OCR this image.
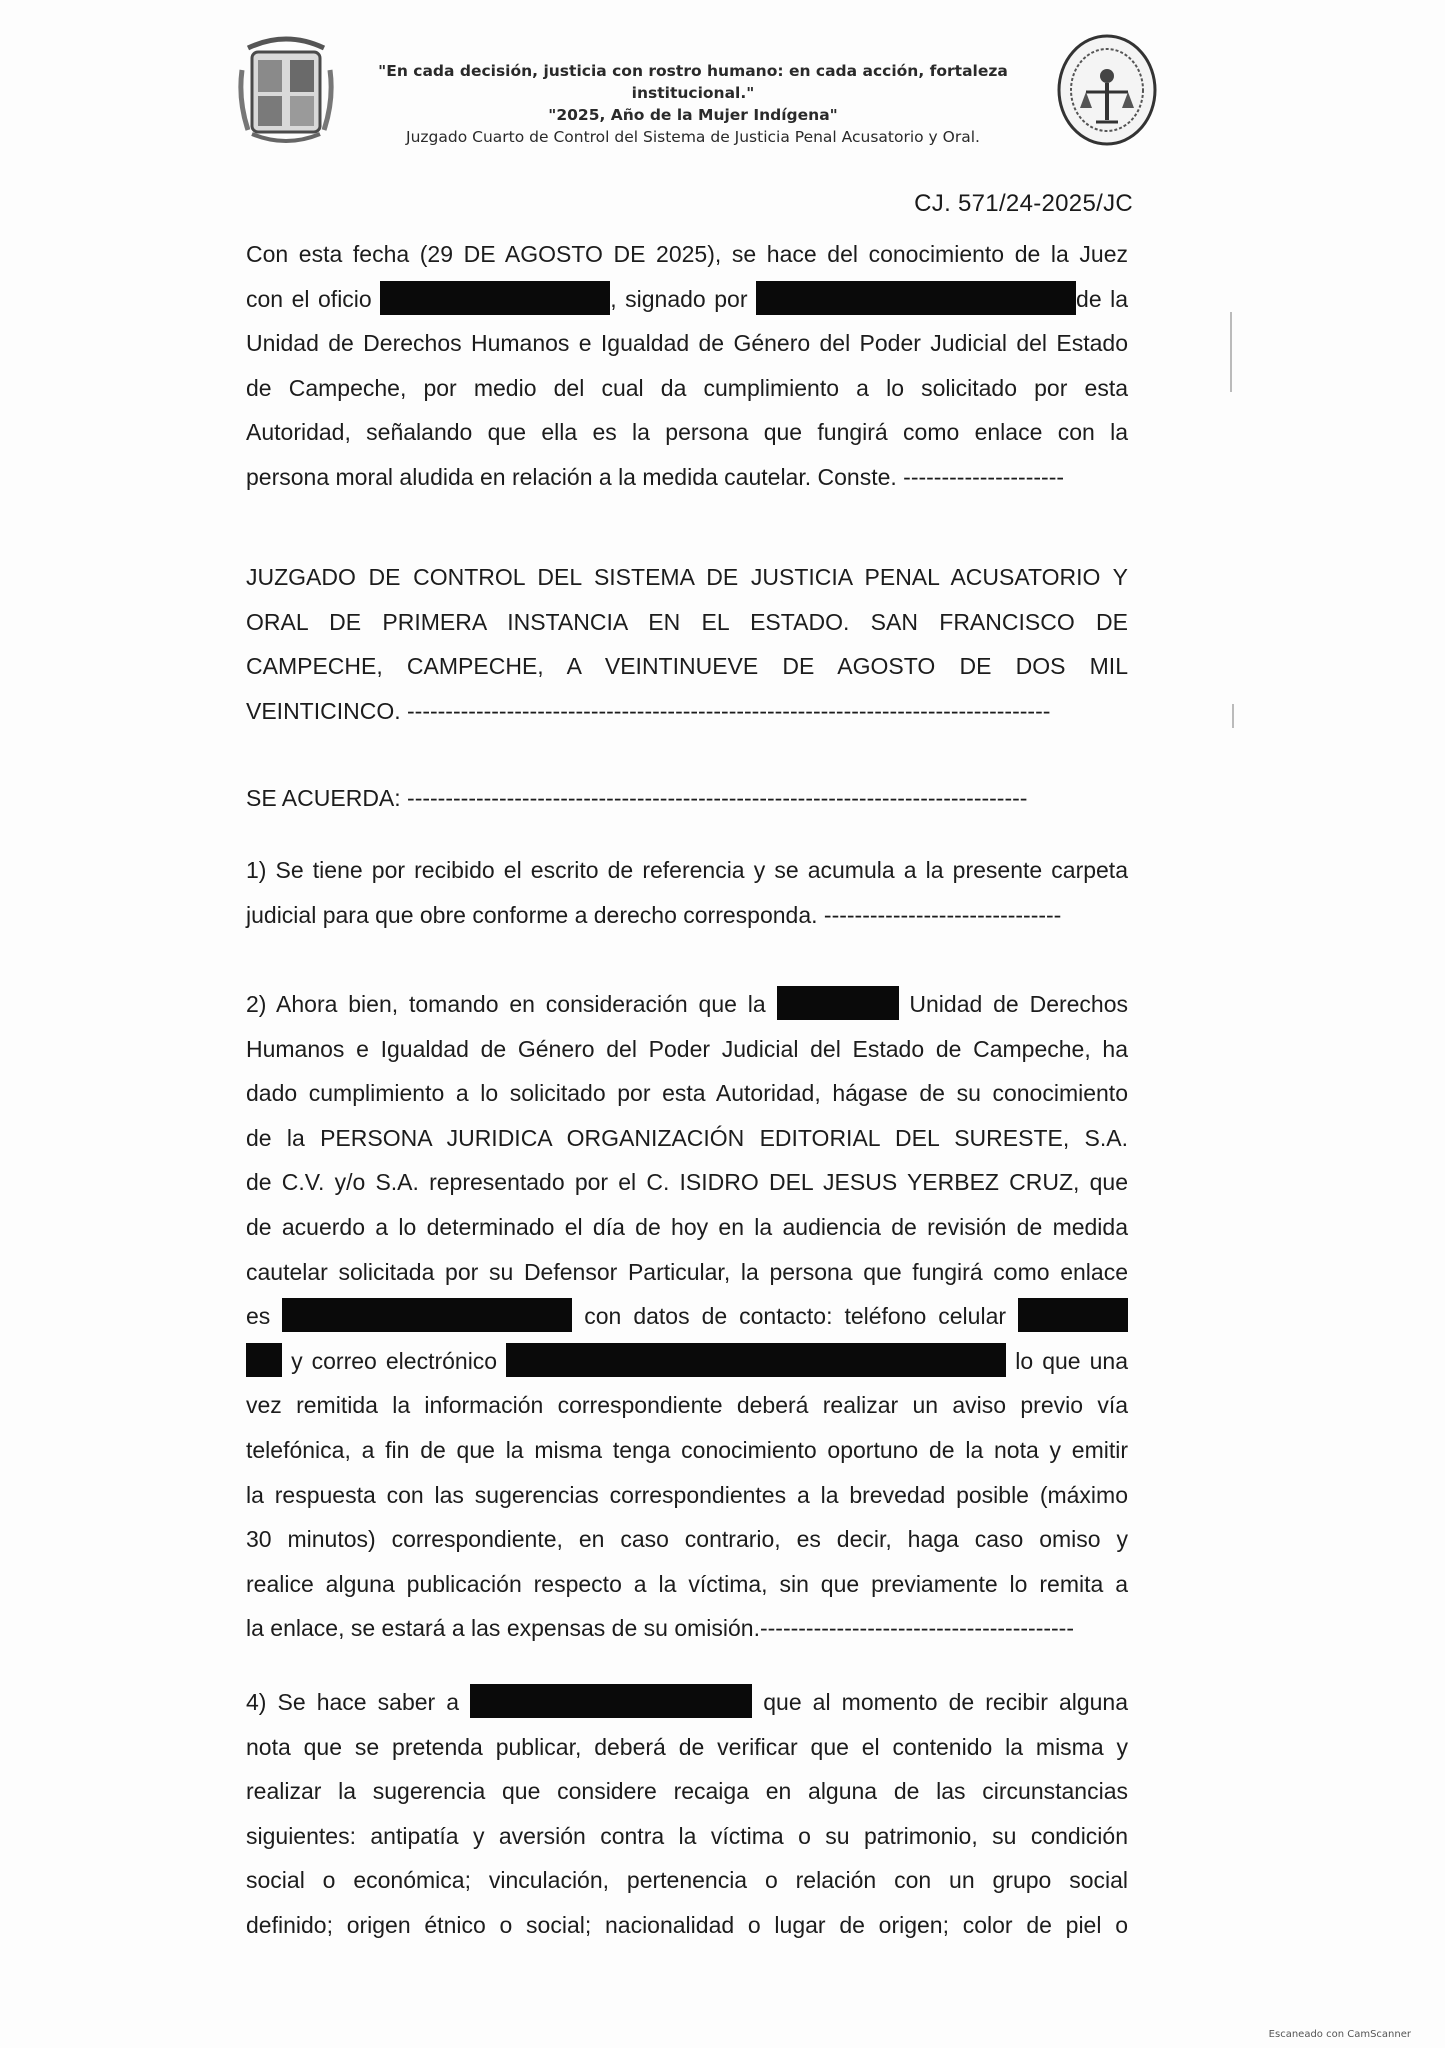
"En cada decisión, justicia con rostro humano: en cada acción, fortaleza institucional."
"2025, Año de la Mujer Indígena"
Juzgado Cuarto de Control del Sistema de Justicia Penal Acusatorio y Oral.
CJ. 571/24-2025/JC
Con esta fecha (29 DE AGOSTO DE 2025), se hace del conocimiento de la Juez
con el oficio	, signado por	de la
Unidad de Derechos Humanos e Igualdad de Género del Poder Judicial del Estado
de Campeche, por medio del cual da cumplimiento a lo solicitado por esta
Autoridad, señalando que ella es la persona que fungirá como enlace con la
persona moral aludida en relación a la medida cautelar. Conste. ---------------------
JUZGADO DE CONTROL DEL SISTEMA DE JUSTICIA PENAL ACUSATORIO Y
ORAL DE PRIMERA INSTANCIA EN EL ESTADO. SAN FRANCISCO DE
CAMPECHE, CAMPECHE, A VEINTINUEVE DE AGOSTO DE DOS MIL
VEINTICINCO. ------------------------------------------------------------------------------------
SE ACUERDA: ---------------------------------------------------------------------------------
1) Se tiene por recibido el escrito de referencia y se acumula a la presente carpeta
judicial para que obre conforme a derecho corresponda. -------------------------------
2) Ahora bien, tomando en consideración que la	Unidad de Derechos
Humanos e Igualdad de Género del Poder Judicial del Estado de Campeche, ha
dado cumplimiento a lo solicitado por esta Autoridad, hágase de su conocimiento
de la PERSONA JURIDICA ORGANIZACIÓN EDITORIAL DEL SURESTE, S.A.
de C.V. y/o S.A. representado por el C. ISIDRO DEL JESUS YERBEZ CRUZ, que
de acuerdo a lo determinado el día de hoy en la audiencia de revisión de medida
cautelar solicitada por su Defensor Particular, la persona que fungirá como enlace
es	con datos de contacto: teléfono celular
y correo electrónico	lo que una
vez remitida la información correspondiente deberá realizar un aviso previo vía
telefónica, a fin de que la misma tenga conocimiento oportuno de la nota y emitir
la respuesta con las sugerencias correspondientes a la brevedad posible (máximo
30 minutos) correspondiente, en caso contrario, es decir, haga caso omiso y
realice alguna publicación respecto a la víctima, sin que previamente lo remita a
la enlace, se estará a las expensas de su omisión.-----------------------------------------
4) Se hace saber a	que al momento de recibir alguna
nota que se pretenda publicar, deberá de verificar que el contenido la misma y
realizar la sugerencia que considere recaiga en alguna de las circunstancias
siguientes: antipatía y aversión contra la víctima o su patrimonio, su condición
social o económica; vinculación, pertenencia o relación con un grupo social
definido; origen étnico o social; nacionalidad o lugar de origen; color de piel o
Escaneado con CamScanner
